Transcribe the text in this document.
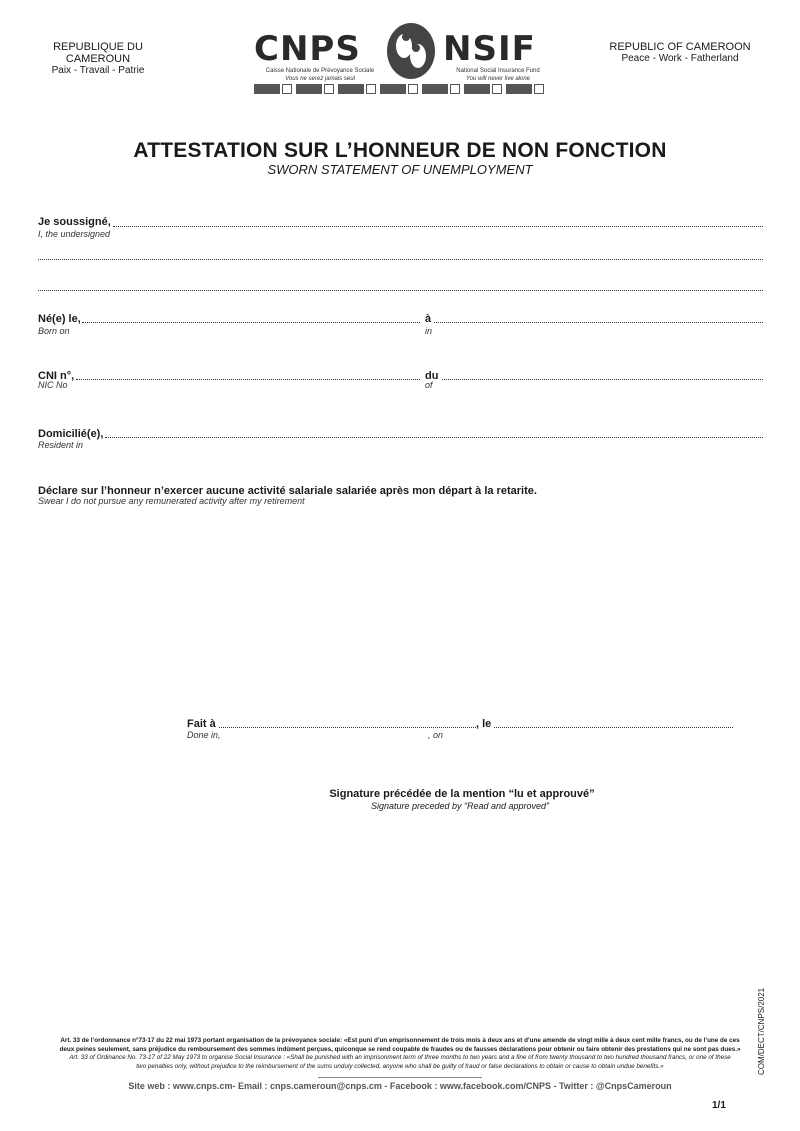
REPUBLIQUE DU CAMEROUN
Paix - Travail - Patrie
REPUBLIC OF CAMEROON
Peace - Work - Fatherland
CNPS NSIF
Caisse Nationale de Prévoyance Sociale
Vous ne serez jamais seul
National Social Insurance Fund
You will never live alone
ATTESTATION SUR L’HONNEUR DE NON FONCTION
SWORN STATEMENT OF UNEMPLOYMENT
Je soussigné,
I, the undersigned
Né(e) le,
Born on
à
in
CNI n°,
NIC No
du
of
Domicilié(e),
Resident in
Déclare sur l’honneur n’exercer aucune activité salariale salariée après mon départ à la retarite.
Swear I do not pursue any remunerated activity after my retirement
Fait à
Done in,
, le
, on
Signature précédée de la mention “lu et approuvé”
Signature preceded by “Read and approved”
COM/DECT/CNPS/2021
Art. 33 de l’ordonnance n°73-17 du 22 mai 1973 portant organisation de la prévoyance sociale: «Est puni d’un emprisonnement de trois mois à deux ans et d’une amende de vingt mille à deux cent mille francs, ou de l’une de ces
deux peines seulement, sans préjudice du remboursement des sommes indûment perçues, quiconque se rend coupable de fraudes ou de fausses déclarations pour obtenir ou faire obtenir des prestations qui ne sont pas dues.»
Art. 33 of Ordinance No. 73-17 of 22 May 1973 to organise Social Insurance : «Shall be punished with an imprisonment term of three months to two years and a fine of from twenty thousand to two hundred thousand francs, or one of these
two penalties only, without prejudice to the reimbursement of the sums unduly collected, anyone who shall be guilty of fraud or false declarations to obtain or cause to obtain undue benefits.»
Site web : www.cnps.cm- Email : cnps.cameroun@cnps.cm - Facebook : www.facebook.com/CNPS - Twitter : @CnpsCameroun
1/1
